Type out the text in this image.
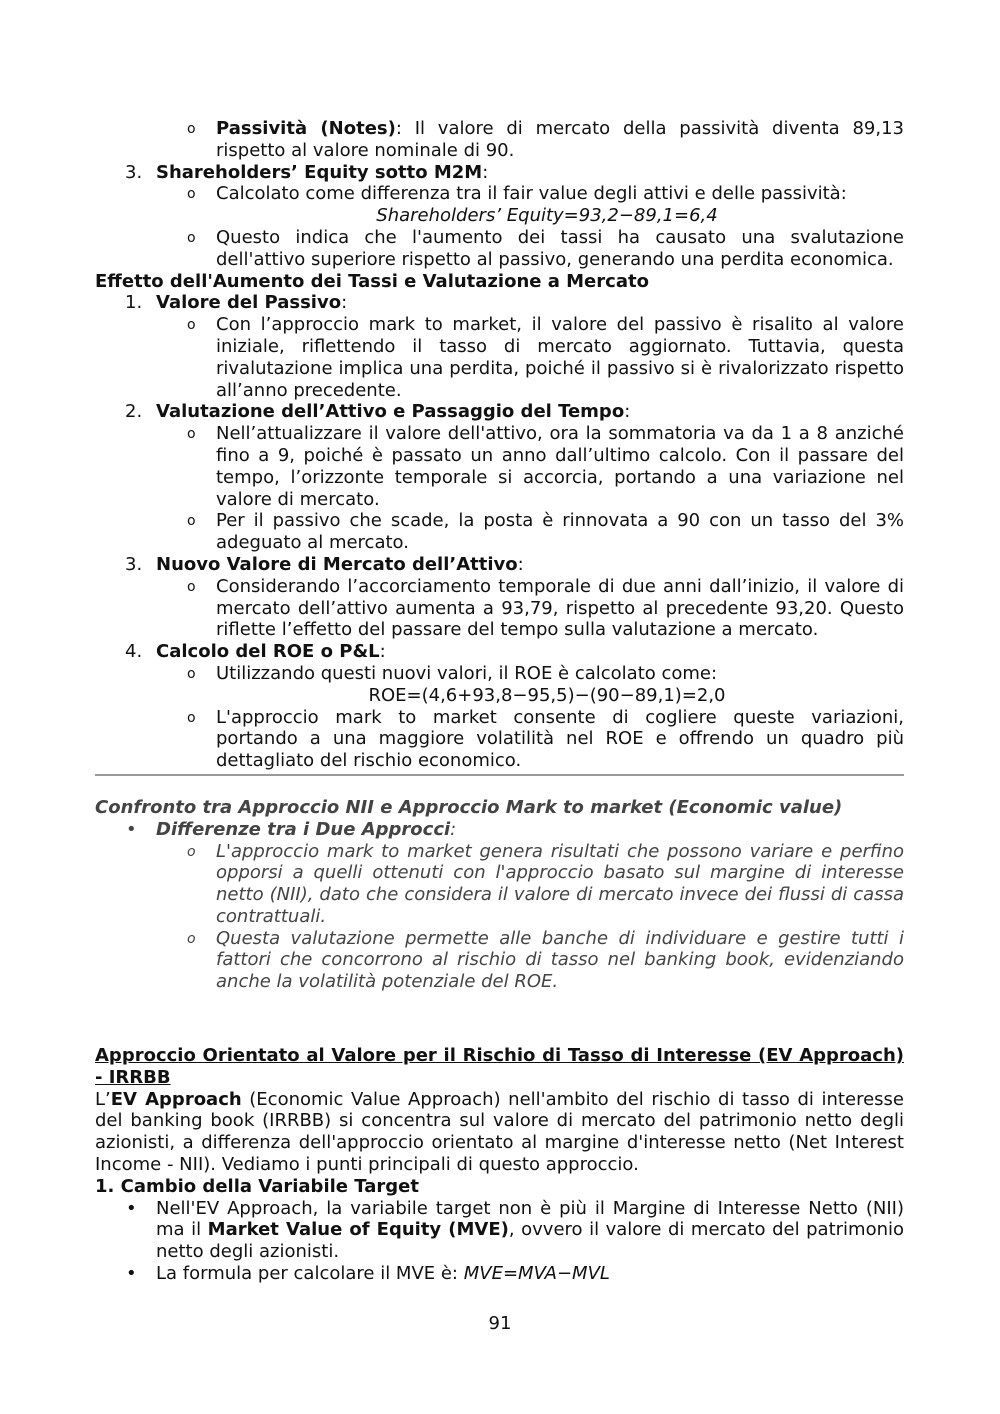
o Passività (Notes): Il valore di mercato della passività diventa 89,13 rispetto al valore nominale di 90.
3. Shareholders’ Equity sotto M2M:
o Calcolato come differenza tra il fair value degli attivi e delle passività:

Shareholders’ Equity=93,2−89,1=6,4

o Questo indica che l'aumento dei tassi ha causato una svalutazione dell'attivo superiore rispetto al passivo, generando una perdita economica.

Effetto dell'Aumento dei Tassi e Valutazione a Mercato

1. Valore del Passivo:
o Con l’approccio mark to market, il valore del passivo è risalito al valore iniziale, riflettendo il tasso di mercato aggiornato. Tuttavia, questa rivalutazione implica una perdita, poiché il passivo si è rivalorizzato rispetto all’anno precedente.
2. Valutazione dell’Attivo e Passaggio del Tempo:
o Nell’attualizzare il valore dell'attivo, ora la sommatoria va da 1 a 8 anziché fino a 9, poiché è passato un anno dall’ultimo calcolo. Con il passare del tempo, l’orizzonte temporale si accorcia, portando a una variazione nel valore di mercato.
o Per il passivo che scade, la posta è rinnovata a 90 con un tasso del 3% adeguato al mercato.
3. Nuovo Valore di Mercato dell’Attivo:
o Considerando l’accorciamento temporale di due anni dall’inizio, il valore di mercato dell’attivo aumenta a 93,79, rispetto al precedente 93,20. Questo riflette l’effetto del passare del tempo sulla valutazione a mercato.
4. Calcolo del ROE o P&L:
o Utilizzando questi nuovi valori, il ROE è calcolato come:

ROE=(4,6+93,8−95,5)−(90−89,1)=2,0

o L'approccio mark to market consente di cogliere queste variazioni, portando a una maggiore volatilità nel ROE e offrendo un quadro più dettagliato del rischio economico.

Confronto tra Approccio NII e Approccio Mark to market (Economic value)

• Differenze tra i Due Approcci:
o L'approccio mark to market genera risultati che possono variare e perfino opporsi a quelli ottenuti con l'approccio basato sul margine di interesse netto (NII), dato che considera il valore di mercato invece dei flussi di cassa contrattuali.
o Questa valutazione permette alle banche di individuare e gestire tutti i fattori che concorrono al rischio di tasso nel banking book, evidenziando anche la volatilità potenziale del ROE.

Approccio Orientato al Valore per il Rischio di Tasso di Interesse (EV Approach) - IRRBB

L’EV Approach (Economic Value Approach) nell'ambito del rischio di tasso di interesse del banking book (IRRBB) si concentra sul valore di mercato del patrimonio netto degli azionisti, a differenza dell'approccio orientato al margine d'interesse netto (Net Interest Income - NII). Vediamo i punti principali di questo approccio.

1. Cambio della Variabile Target

• Nell'EV Approach, la variabile target non è più il Margine di Interesse Netto (NII) ma il Market Value of Equity (MVE), ovvero il valore di mercato del patrimonio netto degli azionisti.
• La formula per calcolare il MVE è: MVE=MVA−MVL
91
